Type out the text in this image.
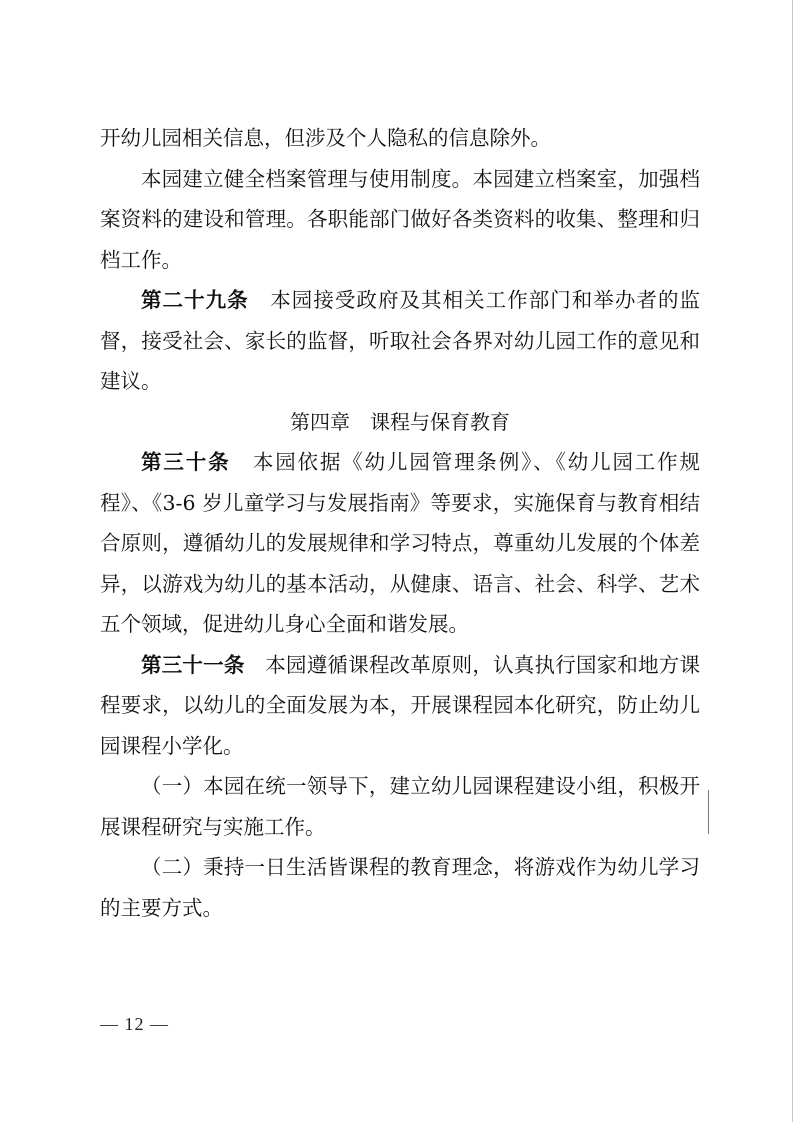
开幼儿园相关信息，但涉及个人隐私的信息除外。

本园建立健全档案管理与使用制度。本园建立档案室，加强档案资料的建设和管理。各职能部门做好各类资料的收集、整理和归档工作。

第二十九条　 本园接受政府及其相关工作部门和举办者的监督，接受社会、家长的监督，听取社会各界对幼儿园工作的意见和建议。

第四章　课程与保育教育

第三十条　 本园依据《幼儿园管理条例》、《幼儿园工作规程》、《3-6 岁儿童学习与发展指南》等要求，实施保育与教育相结合原则，遵循幼儿的发展规律和学习特点，尊重幼儿发展的个体差异，以游戏为幼儿的基本活动，从健康、语言、社会、科学、艺术五个领域，促进幼儿身心全面和谐发展。

第三十一条　 本园遵循课程改革原则，认真执行国家和地方课程要求，以幼儿的全面发展为本，开展课程园本化研究，防止幼儿园课程小学化。

（一）本园在统一领导下，建立幼儿园课程建设小组，积极开展课程研究与实施工作。

（二）秉持一日生活皆课程的教育理念，将游戏作为幼儿学习的主要方式。

— 12 —
